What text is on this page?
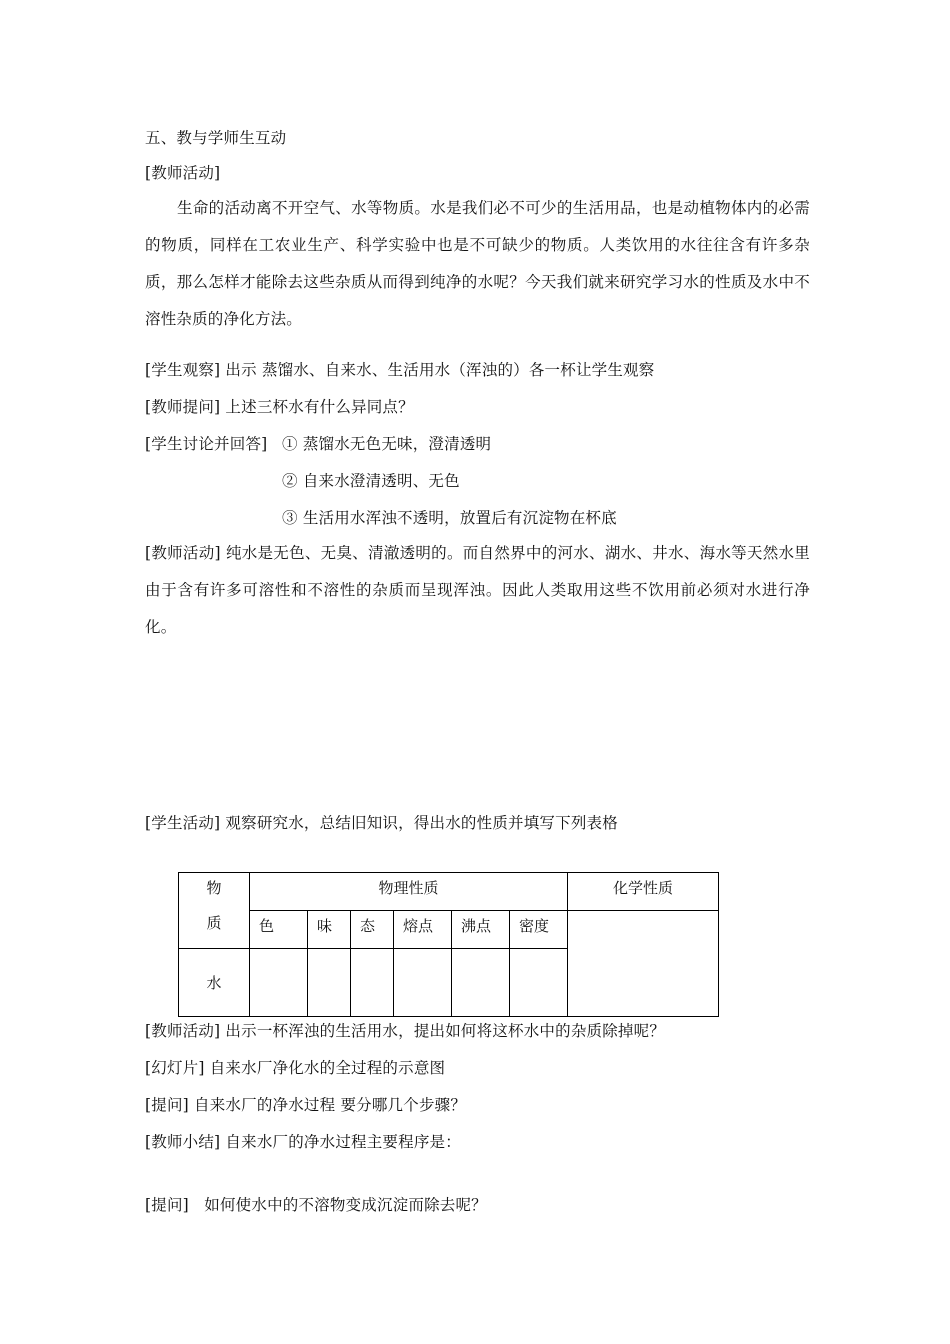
五、教与学师生互动
[教师活动]
生命的活动离不开空气、水等物质。水是我们必不可少的生活用品，也是动植物体内的必需的物质，同样在工农业生产、科学实验中也是不可缺少的物质。人类饮用的水往往含有许多杂质，那么怎样才能除去这些杂质从而得到纯净的水呢？今天我们就来研究学习水的性质及水中不溶性杂质的净化方法。
[学生观察] 出示 蒸馏水、自来水、生活用水（浑浊的）各一杯让学生观察
[教师提问] 上述三杯水有什么异同点？
[学生讨论并回答] ① 蒸馏水无色无味，澄清透明
② 自来水澄清透明、无色
③ 生活用水浑浊不透明，放置后有沉淀物在杯底
[教师活动] 纯水是无色、无臭、清澈透明的。而自然界中的河水、湖水、井水、海水等天然水里由于含有许多可溶性和不溶性的杂质而呈现浑浊。因此人类取用这些不饮用前必须对水进行净化。
[学生活动] 观察研究水，总结旧知识，得出水的性质并填写下列表格
物
质	物理性质						化学性质
	色	味	态	熔点	沸点	密度	
水							
[教师活动] 出示一杯浑浊的生活用水，提出如何将这杯水中的杂质除掉呢？
[幻灯片] 自来水厂净化水的全过程的示意图
[提问] 自来水厂的净水过程 要分哪几个步骤？
[教师小结] 自来水厂的净水过程主要程序是：
[提问]   如何使水中的不溶物变成沉淀而除去呢？
